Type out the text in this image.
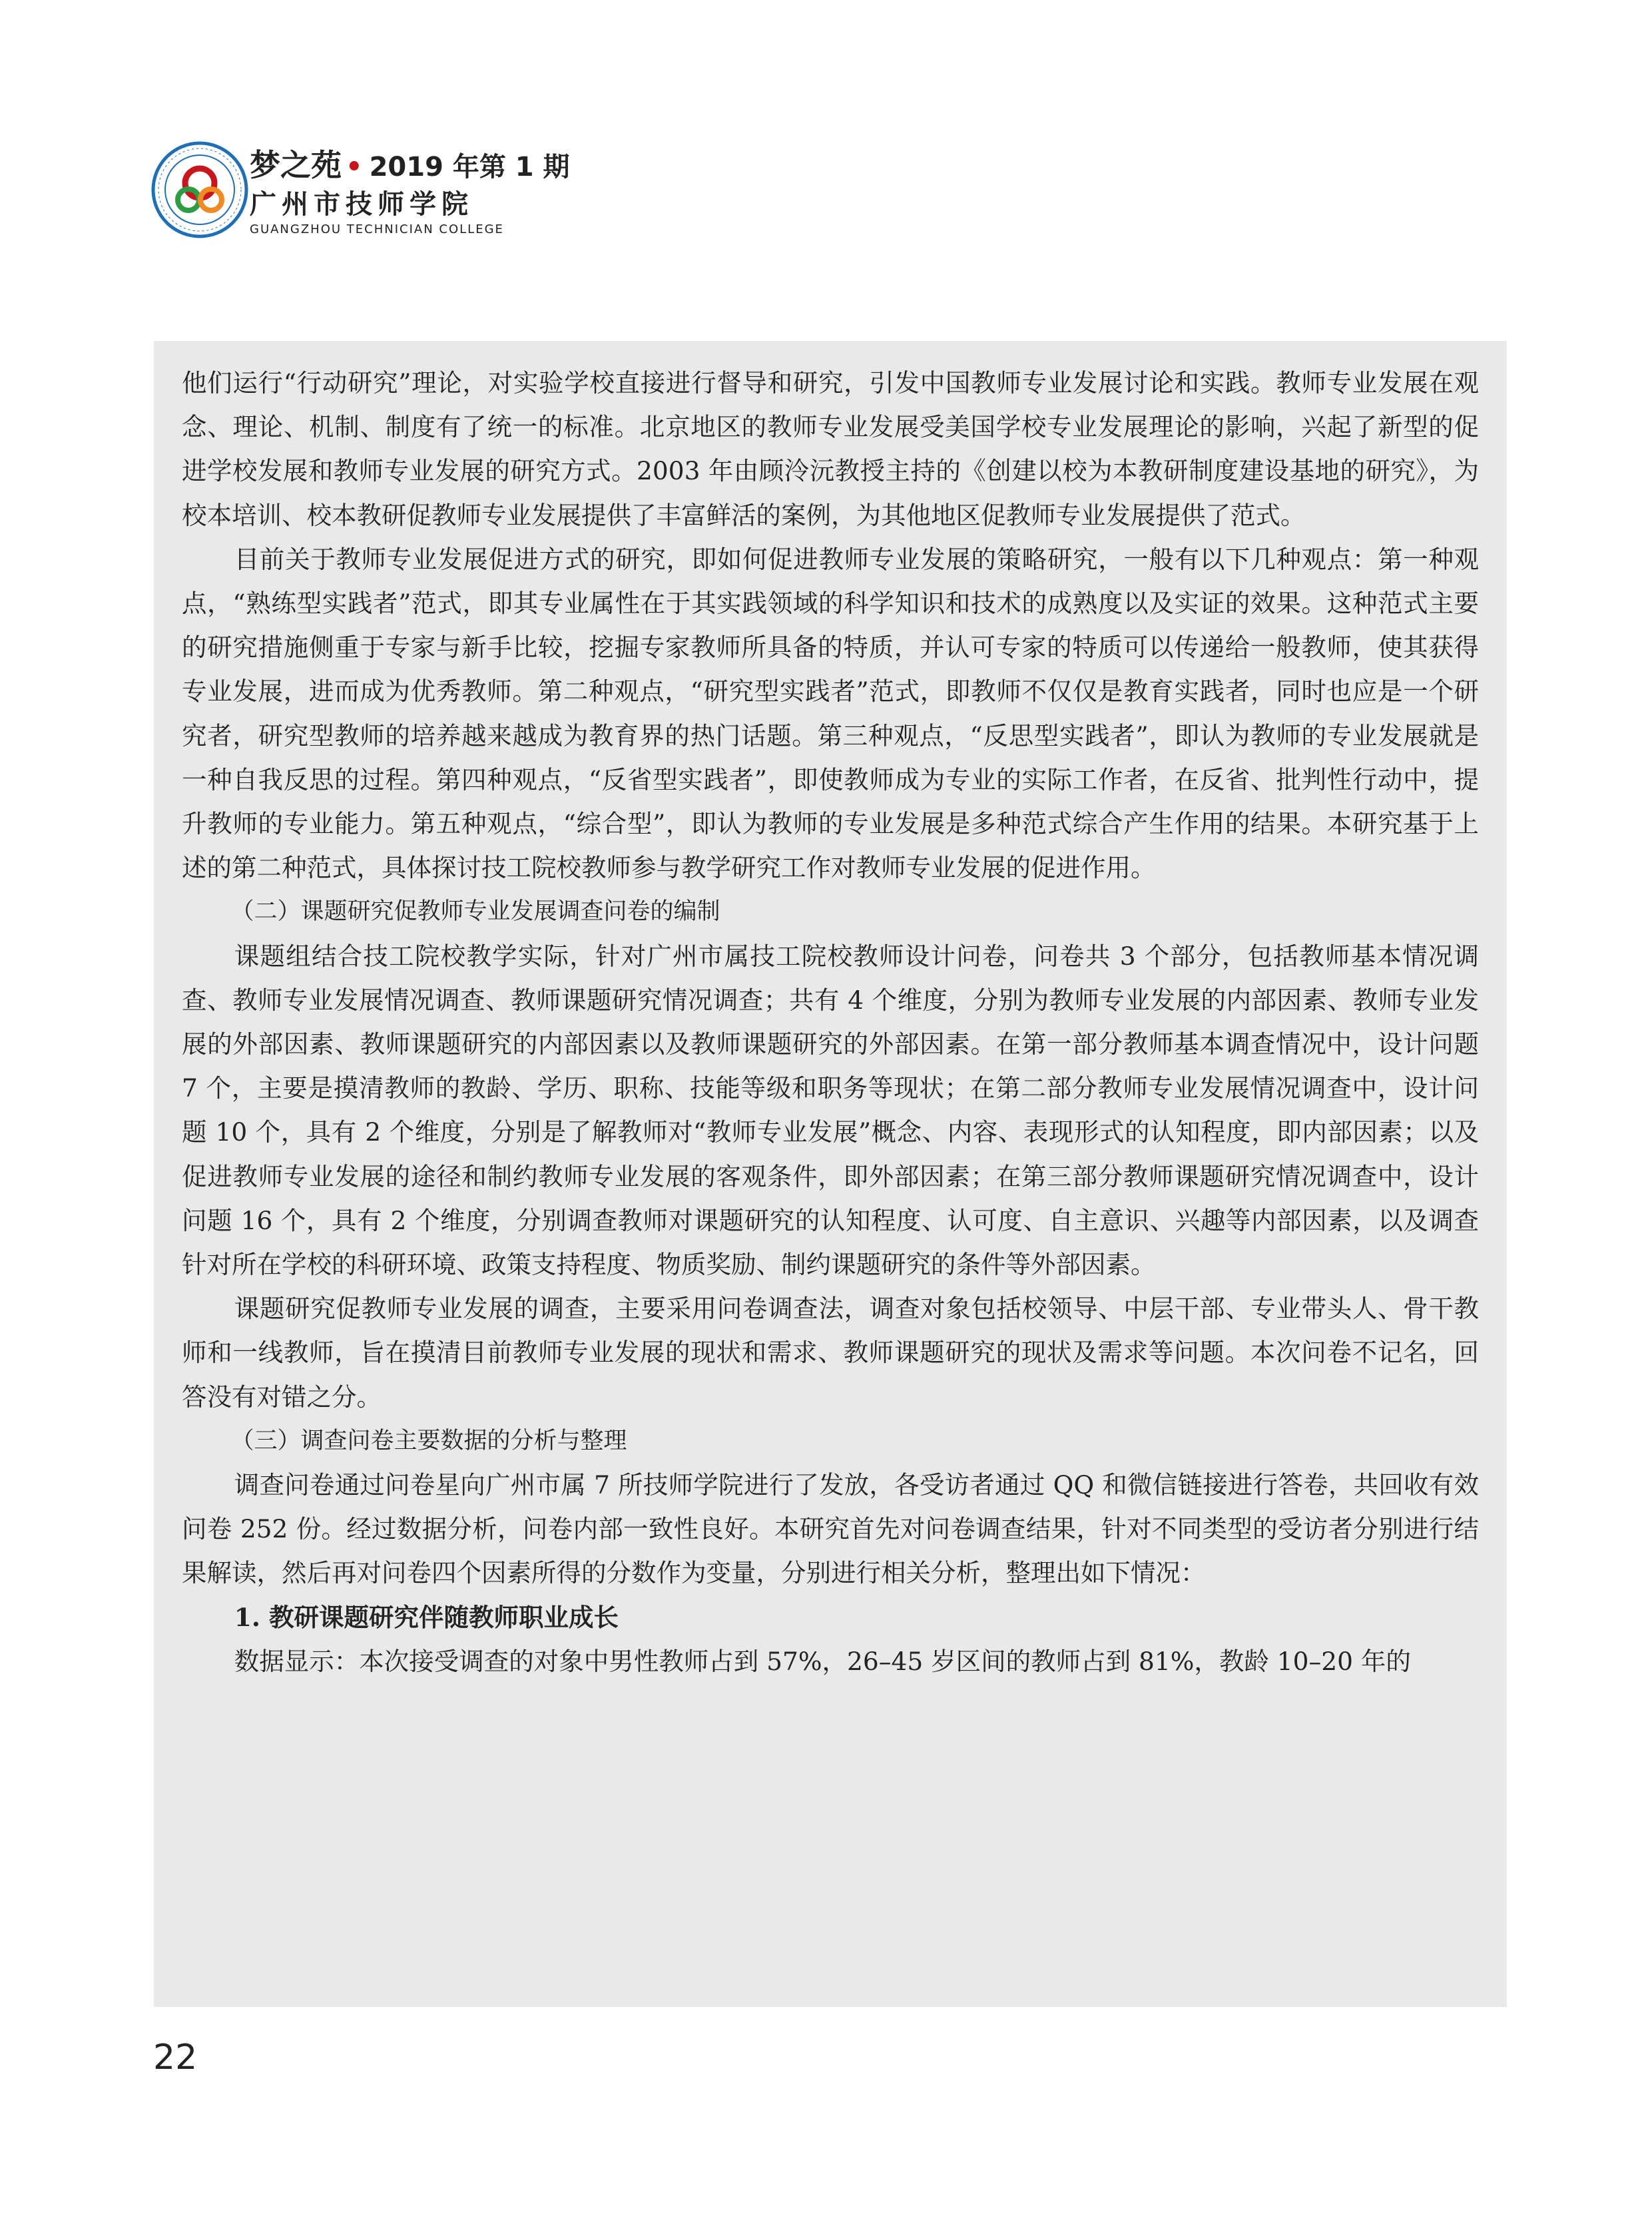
梦之苑 • 2019 年第 1 期
广州市技师学院
GUANGZHOU TECHNICIAN COLLEGE

他们运行“行动研究”理论，对实验学校直接进行督导和研究，引发中国教师专业发展讨论和实践。教师专业发展在观念、理论、机制、制度有了统一的标准。北京地区的教师专业发展受美国学校专业发展理论的影响，兴起了新型的促进学校发展和教师专业发展的研究方式。2003 年由顾泠沅教授主持的《创建以校为本教研制度建设基地的研究》，为校本培训、校本教研促教师专业发展提供了丰富鲜活的案例，为其他地区促教师专业发展提供了范式。

目前关于教师专业发展促进方式的研究，即如何促进教师专业发展的策略研究，一般有以下几种观点：第一种观点，“熟练型实践者”范式，即其专业属性在于其实践领域的科学知识和技术的成熟度以及实证的效果。这种范式主要的研究措施侧重于专家与新手比较，挖掘专家教师所具备的特质，并认可专家的特质可以传递给一般教师，使其获得专业发展，进而成为优秀教师。第二种观点，“研究型实践者”范式，即教师不仅仅是教育实践者，同时也应是一个研究者，研究型教师的培养越来越成为教育界的热门话题。第三种观点，“反思型实践者”，即认为教师的专业发展就是一种自我反思的过程。第四种观点，“反省型实践者”，即使教师成为专业的实际工作者，在反省、批判性行动中，提升教师的专业能力。第五种观点，“综合型”，即认为教师的专业发展是多种范式综合产生作用的结果。本研究基于上述的第二种范式，具体探讨技工院校教师参与教学研究工作对教师专业发展的促进作用。

（二）课题研究促教师专业发展调查问卷的编制

课题组结合技工院校教学实际，针对广州市属技工院校教师设计问卷，问卷共 3 个部分，包括教师基本情况调查、教师专业发展情况调查、教师课题研究情况调查；共有 4 个维度，分别为教师专业发展的内部因素、教师专业发展的外部因素、教师课题研究的内部因素以及教师课题研究的外部因素。在第一部分教师基本调查情况中，设计问题 7 个，主要是摸清教师的教龄、学历、职称、技能等级和职务等现状；在第二部分教师专业发展情况调查中，设计问题 10 个，具有 2 个维度，分别是了解教师对“教师专业发展”概念、内容、表现形式的认知程度，即内部因素；以及促进教师专业发展的途径和制约教师专业发展的客观条件，即外部因素；在第三部分教师课题研究情况调查中，设计问题 16 个，具有 2 个维度，分别调查教师对课题研究的认知程度、认可度、自主意识、兴趣等内部因素，以及调查针对所在学校的科研环境、政策支持程度、物质奖励、制约课题研究的条件等外部因素。

课题研究促教师专业发展的调查，主要采用问卷调查法，调查对象包括校领导、中层干部、专业带头人、骨干教师和一线教师，旨在摸清目前教师专业发展的现状和需求、教师课题研究的现状及需求等问题。本次问卷不记名，回答没有对错之分。

（三）调查问卷主要数据的分析与整理

调查问卷通过问卷星向广州市属 7 所技师学院进行了发放，各受访者通过 QQ 和微信链接进行答卷，共回收有效问卷 252 份。经过数据分析，问卷内部一致性良好。本研究首先对问卷调查结果，针对不同类型的受访者分别进行结果解读，然后再对问卷四个因素所得的分数作为变量，分别进行相关分析，整理出如下情况：

1. 教研课题研究伴随教师职业成长

数据显示：本次接受调查的对象中男性教师占到 57%，26–45 岁区间的教师占到 81%，教龄 10–20 年的

22
